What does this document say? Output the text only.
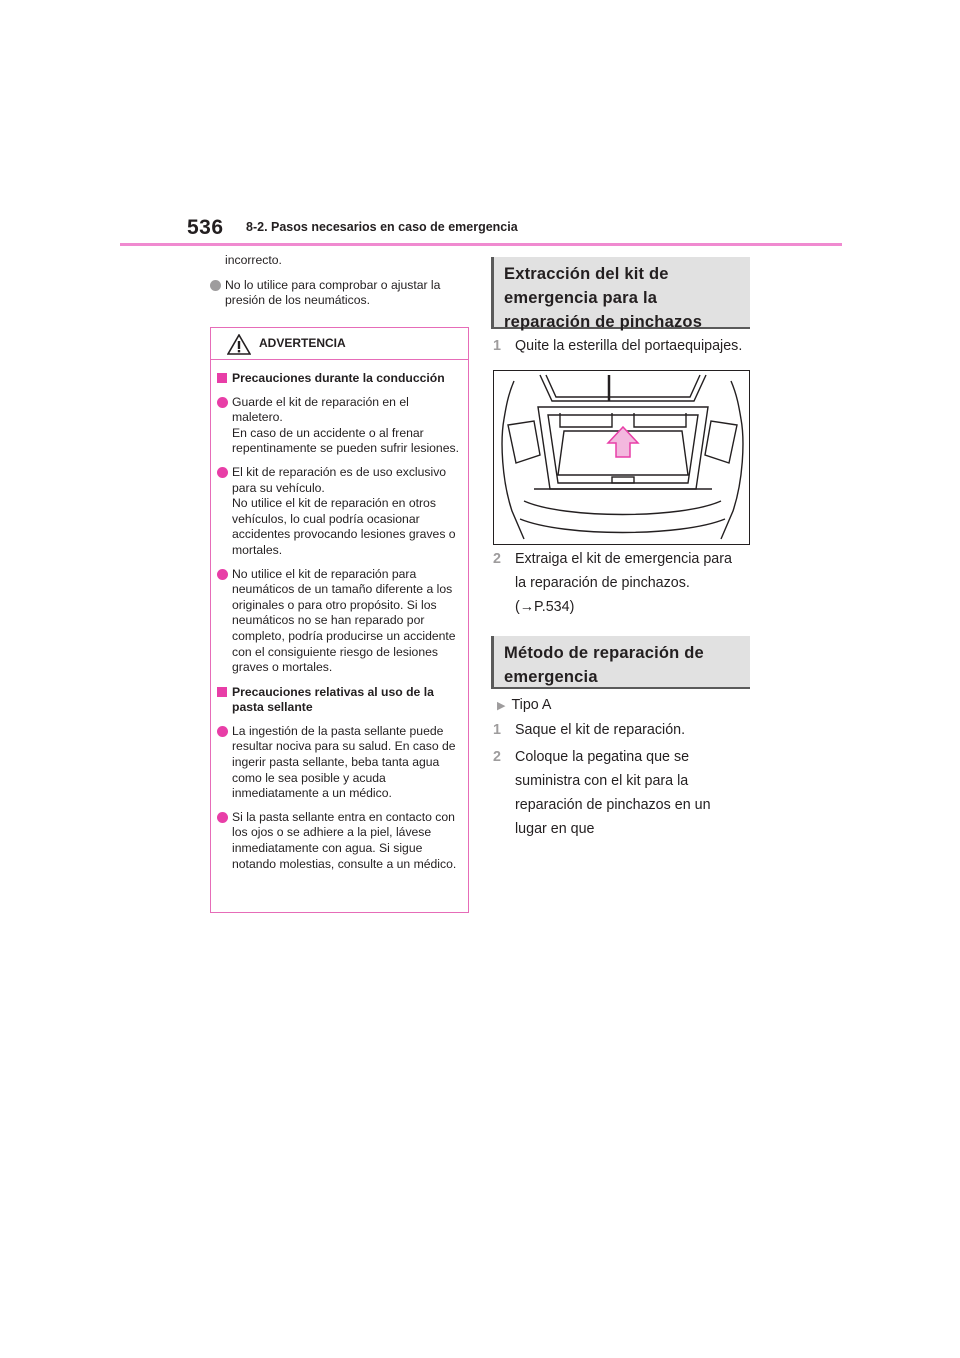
536 8-2. Pasos necesarios en caso de emergencia
incorrecto.
No lo utilice para comprobar o ajustar la presión de los neumáticos.
ADVERTENCIA
Precauciones durante la conducción
Guarde el kit de reparación en el maletero.
En caso de un accidente o al frenar repentinamente se pueden sufrir lesiones.
El kit de reparación es de uso exclusivo para su vehículo.
No utilice el kit de reparación en otros vehículos, lo cual podría ocasionar accidentes provocando lesiones graves o mortales.
No utilice el kit de reparación para neumáticos de un tamaño diferente a los originales o para otro propósito. Si los neumáticos no se han reparado por completo, podría producirse un accidente con el consiguiente riesgo de lesiones graves o mortales.
Precauciones relativas al uso de la pasta sellante
La ingestión de la pasta sellante puede resultar nociva para su salud. En caso de ingerir pasta sellante, beba tanta agua como le sea posible y acuda inmediatamente a un médico.
Si la pasta sellante entra en contacto con los ojos o se adhiere a la piel, lávese inmediatamente con agua. Si sigue notando molestias, consulte a un médico.
Extracción del kit de emergencia para la reparación de pinchazos
1 Quite la esterilla del portaequipajes.
2 Extraiga el kit de emergencia para la reparación de pinchazos. (→P.534)
Método de reparación de emergencia
▶ Tipo A
1 Saque el kit de reparación.
2 Coloque la pegatina que se suministra con el kit para la reparación de pinchazos en un lugar en que
